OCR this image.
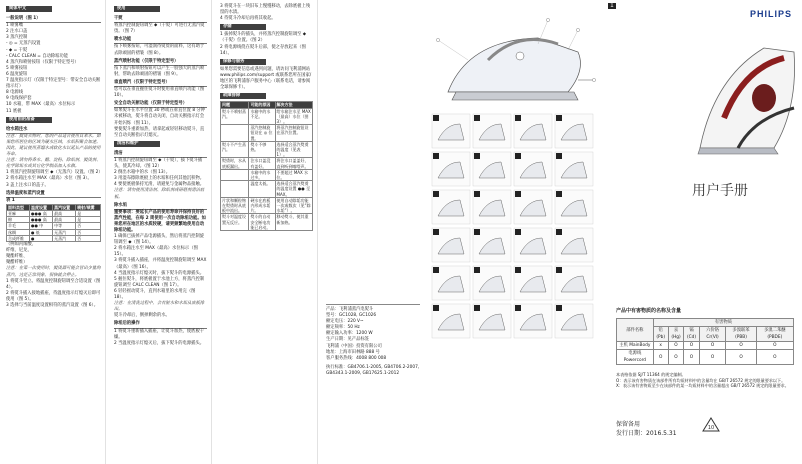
简体中文
一般说明（图 1）
1 喷雾嘴
2 注水口盖
3 蒸汽控制
- ◎ = 无蒸汽设置
- ◆ = 干熨
- CALC CLEAN = 自动除垢功能
4 蒸汽和喷射按钮（仅限于特定型号）
5 喷雾按钮
6 温度旋钮
7 温度指示灯（仅限于特定型号：带安全自动关断指示灯）
8 电源线
9 电线保护套
10 水箱，带 MAX（最高）水位标示
11 底板
使用前的准备
给水箱注水
注意：熨烫衣物时，您的产品适合使用自来水。如果您所居住的区域为硬水区域，水垢积聚会加速。因此，建议使用蒸馏水或软化水以延长产品的使用寿命。
注意：请勿将香水、醋、淀粉、除垢剂、熨烫剂、化学除垢水或其它化学制品加入水箱。
1 将蒸汽控制旋钮调至 ◆（无蒸汽）设置。（图 2）
2 将水箱注水至 MAX（最高）水位（图 3）。
3 盖上注水口的盖子。
选择温度和蒸汽设置
表 1
面料类型	温度设置	蒸汽设置	喷射/喷雾
亚麻	●●● 高	最高	是
棉	●●● 高	最高	是
羊毛	●● 中	中等	否
丝绸	● 低	无蒸汽	否
合成纤维	●	无蒸汽	否
（例如丙烯酸、
纤维、尼龙、
聚酯纤维、
聚醋纤维）
注意：在第一次使用时，熨烫器可能会冒出少量的蒸汽，这是正常现象，很快就会停止。
1 将熨斗竖立。将温度控制旋钮调至合适设置（图 4）。
2 将熨斗插入接地插座，待温度指示灯熄灭后即可使用（图 5）。
3 选择与当前温度设置相符的蒸汽设置（图 6）。
使用
干熨
将蒸汽控制旋钮调至 ◆（干熨）可进行无蒸汽熨烫。（图 7）
喷水功能
按下喷雾按钮，可湿润待熨烫的面料，这有助于去除顽固的褶皱（图 8）。
蒸汽喷射功能（仅限于特定型号）
按下蒸汽和喷射按钮可以产生一股强大的蒸汽喷射，帮助去除顽固的褶皱（图 9）。
垂直喷汽（仅限于特定型号）
您可以在垂直握住熨斗时使用垂直喷汽功能（图 10）。
安全自动关断功能（仅限于特定型号）
如果熨斗在水平位置 30 秒或在垂直位置 8 分钟未被移动，熨斗将自动关闭，自动关断指示灯会开始闪烁（图 11）。
要使熨斗重新加热，请拿起或轻轻移动熨斗，直至自动关断指示灯熄灭。
清洁和维护
清洁
1 将蒸汽控制旋钮调至 ◆（干熨），拔下熨斗插头，使其冷却。（图 12）
2 倒出水箱中的水（图 13）。
3 用湿布擦除底板上的水垢和任何其他沉积物。
4 要使底板保持光滑，请避免与金属物品接触。
注意：请勿使用清洁剂、除垢剂或研磨剂清洁底板。
除水垢
重要事项：要延长产品的使用寿命并保持良好的蒸汽性能，在每 2 周使用一次自动除垢功能。如果您所在地区的水质较硬，请更频繁地使用自动除垢功能。
1 确保已拔掉产品电源插头，然后将蒸汽控制旋钮调至 ◆（图 14）。
2 将水箱注水至 MAX（最高）水位标示（图 15）。
3 将熨斗插入插座，并将温度控制旋钮调至 MAX（最高）（图 16）。
4 当温度指示灯熄灭时，拔下熨斗的电源插头。
5 握住熨斗，将底板置于水池上方，将蒸汽控制旋钮调至 CALC CLEAN（图 17）。
6 轻轻摇动熨斗，直到水箱里的水用完（图 18）。
注意：在清洗过程中，会有脏水和水垢从底板排出。
熨斗冷却后，倒掉剩余的水。
除垢后的操作
1 将熨斗重新插入插座，让熨斗加热，使底板干燥。
2 当温度指示灯熄灭后，拔下熨斗的电源插头。
3 将熨斗在一块旧布上慢慢移动，去除底板上残留的水渍。
4 待熨斗冷却后再将其收起。
存储
1 拔掉熨斗的插头，并将蒸汽控制旋钮调至 ◆（干熨）位置。（图 2）
2 将电源线绕在熨斗后部，使之存放起来（图 14）。
保修与服务
如果您需要信息或遇到问题，请访问飞利浦网站 www.philips.com/support 或联系您所在国家/地区的飞利浦客户服务中心（联系电话，请参阅全球保修卡）。
故障排除
问题	可能的原因	解决方法
熨斗不喷射蒸汽。	水箱中的水不足。	给水箱注水至 MAX（最高）水位（图 3）。
	蒸汽控制旋钮设在 ◎ 位置。	将蒸汽控制旋钮设在蒸汽位置。
熨斗不产生蒸汽。	熨斗不够热。	选择适合蒸汽熨烫的温度（见表 1）。
熨烫时，水从底板漏出。	注水口盖没有盖好。	将注水口盖盖好，直到听到喀嗒声。
	水箱中的水过多。	不要超过 MAX 水位。
	温度太低。	选择适合蒸汽熨烫的温度设置 ●● 至 MAX。
片状和颗粒物在熨烫时从底板中流出。	硬水在底板内形成水垢片。	使用自动除垢功能一次或数次（见“除水垢”）。
熨斗对温度设置无反应。	熨斗的自动安全断电功能已启动。	移动熨斗，使其重新加热。
产品：飞利浦蒸汽电熨斗
型号：GC1028, GC1026
额定电压：220 V~
额定频率：50 Hz
额定输入功率：1200 W
生产日期：见产品标签
飞利浦（中国）投资有限公司
地址：上海市田林路 888 号
客户服务热线：4008 800 008
执行标准：GB4706.1-2005, GB4706.2-2007, GB4343.1-2009, GB17625.1-2012
1
PHILIPS
用户手册
产品中有害物质的名称及含量
部件名称	有害物质					
	铅 (Pb)	汞 (Hg)	镉 (Cd)	六价铬 Cr(VI)	多溴联苯 (PBB)	多溴二苯醚 (PBDE)
主机 MainBody	x	O	O	O	O	O
电源线 Powercord	O	O	O	O	O	O
本表格依据 SJ/T 11364 的规定编制。
O：表示该有害物质在该部件所有均质材料中的含量均在 GB/T 26572 规定的限量要求以下。
X：表示该有害物质至少在该部件的某一均质材料中的含量超出 GB/T 26572 规定的限量要求。
保留备用
发行日期：2016.5.31
10
